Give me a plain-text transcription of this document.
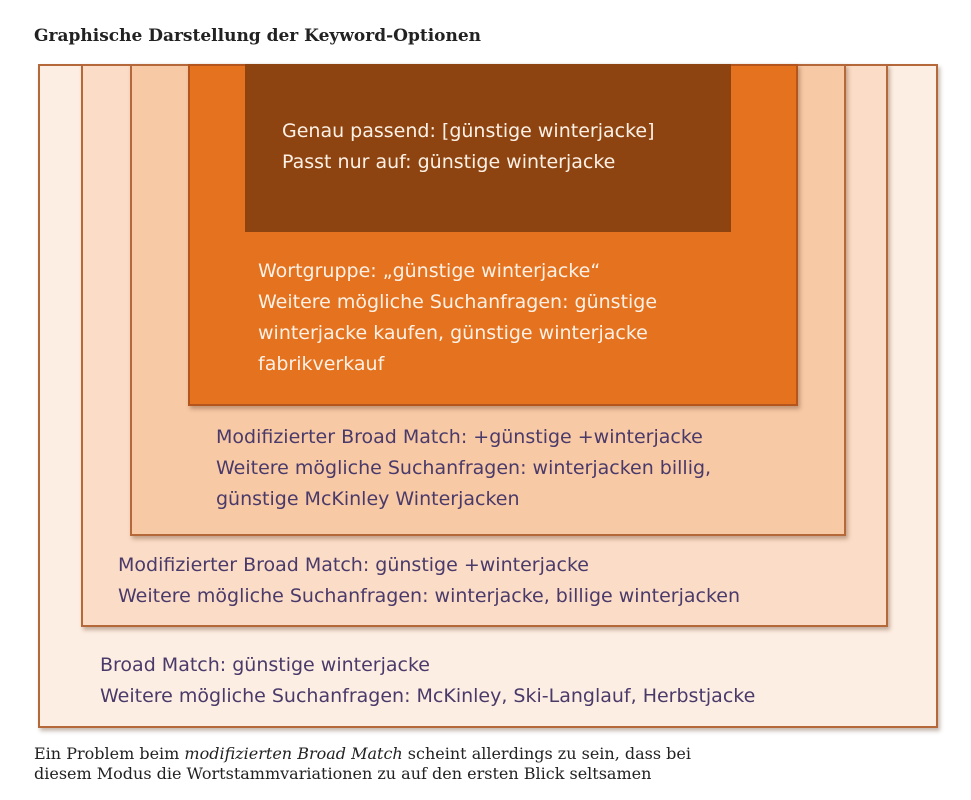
Graphische Darstellung der Keyword-Optionen
Genau passend: [günstige winterjacke]
Passt nur auf: günstige winterjacke
Wortgruppe: „günstige winterjacke“
Weitere mögliche Suchanfragen: günstige
winterjacke kaufen, günstige winterjacke
fabrikverkauf
Modifizierter Broad Match: +günstige +winterjacke
Weitere mögliche Suchanfragen: winterjacken billig,
günstige McKinley Winterjacken
Modifizierter Broad Match: günstige +winterjacke
Weitere mögliche Suchanfragen: winterjacke, billige winterjacken
Broad Match: günstige winterjacke
Weitere mögliche Suchanfragen: McKinley, Ski-Langlauf, Herbstjacke
Ein Problem beim modifizierten Broad Match scheint allerdings zu sein, dass bei
diesem Modus die Wortstammvariationen zu auf den ersten Blick seltsamen
